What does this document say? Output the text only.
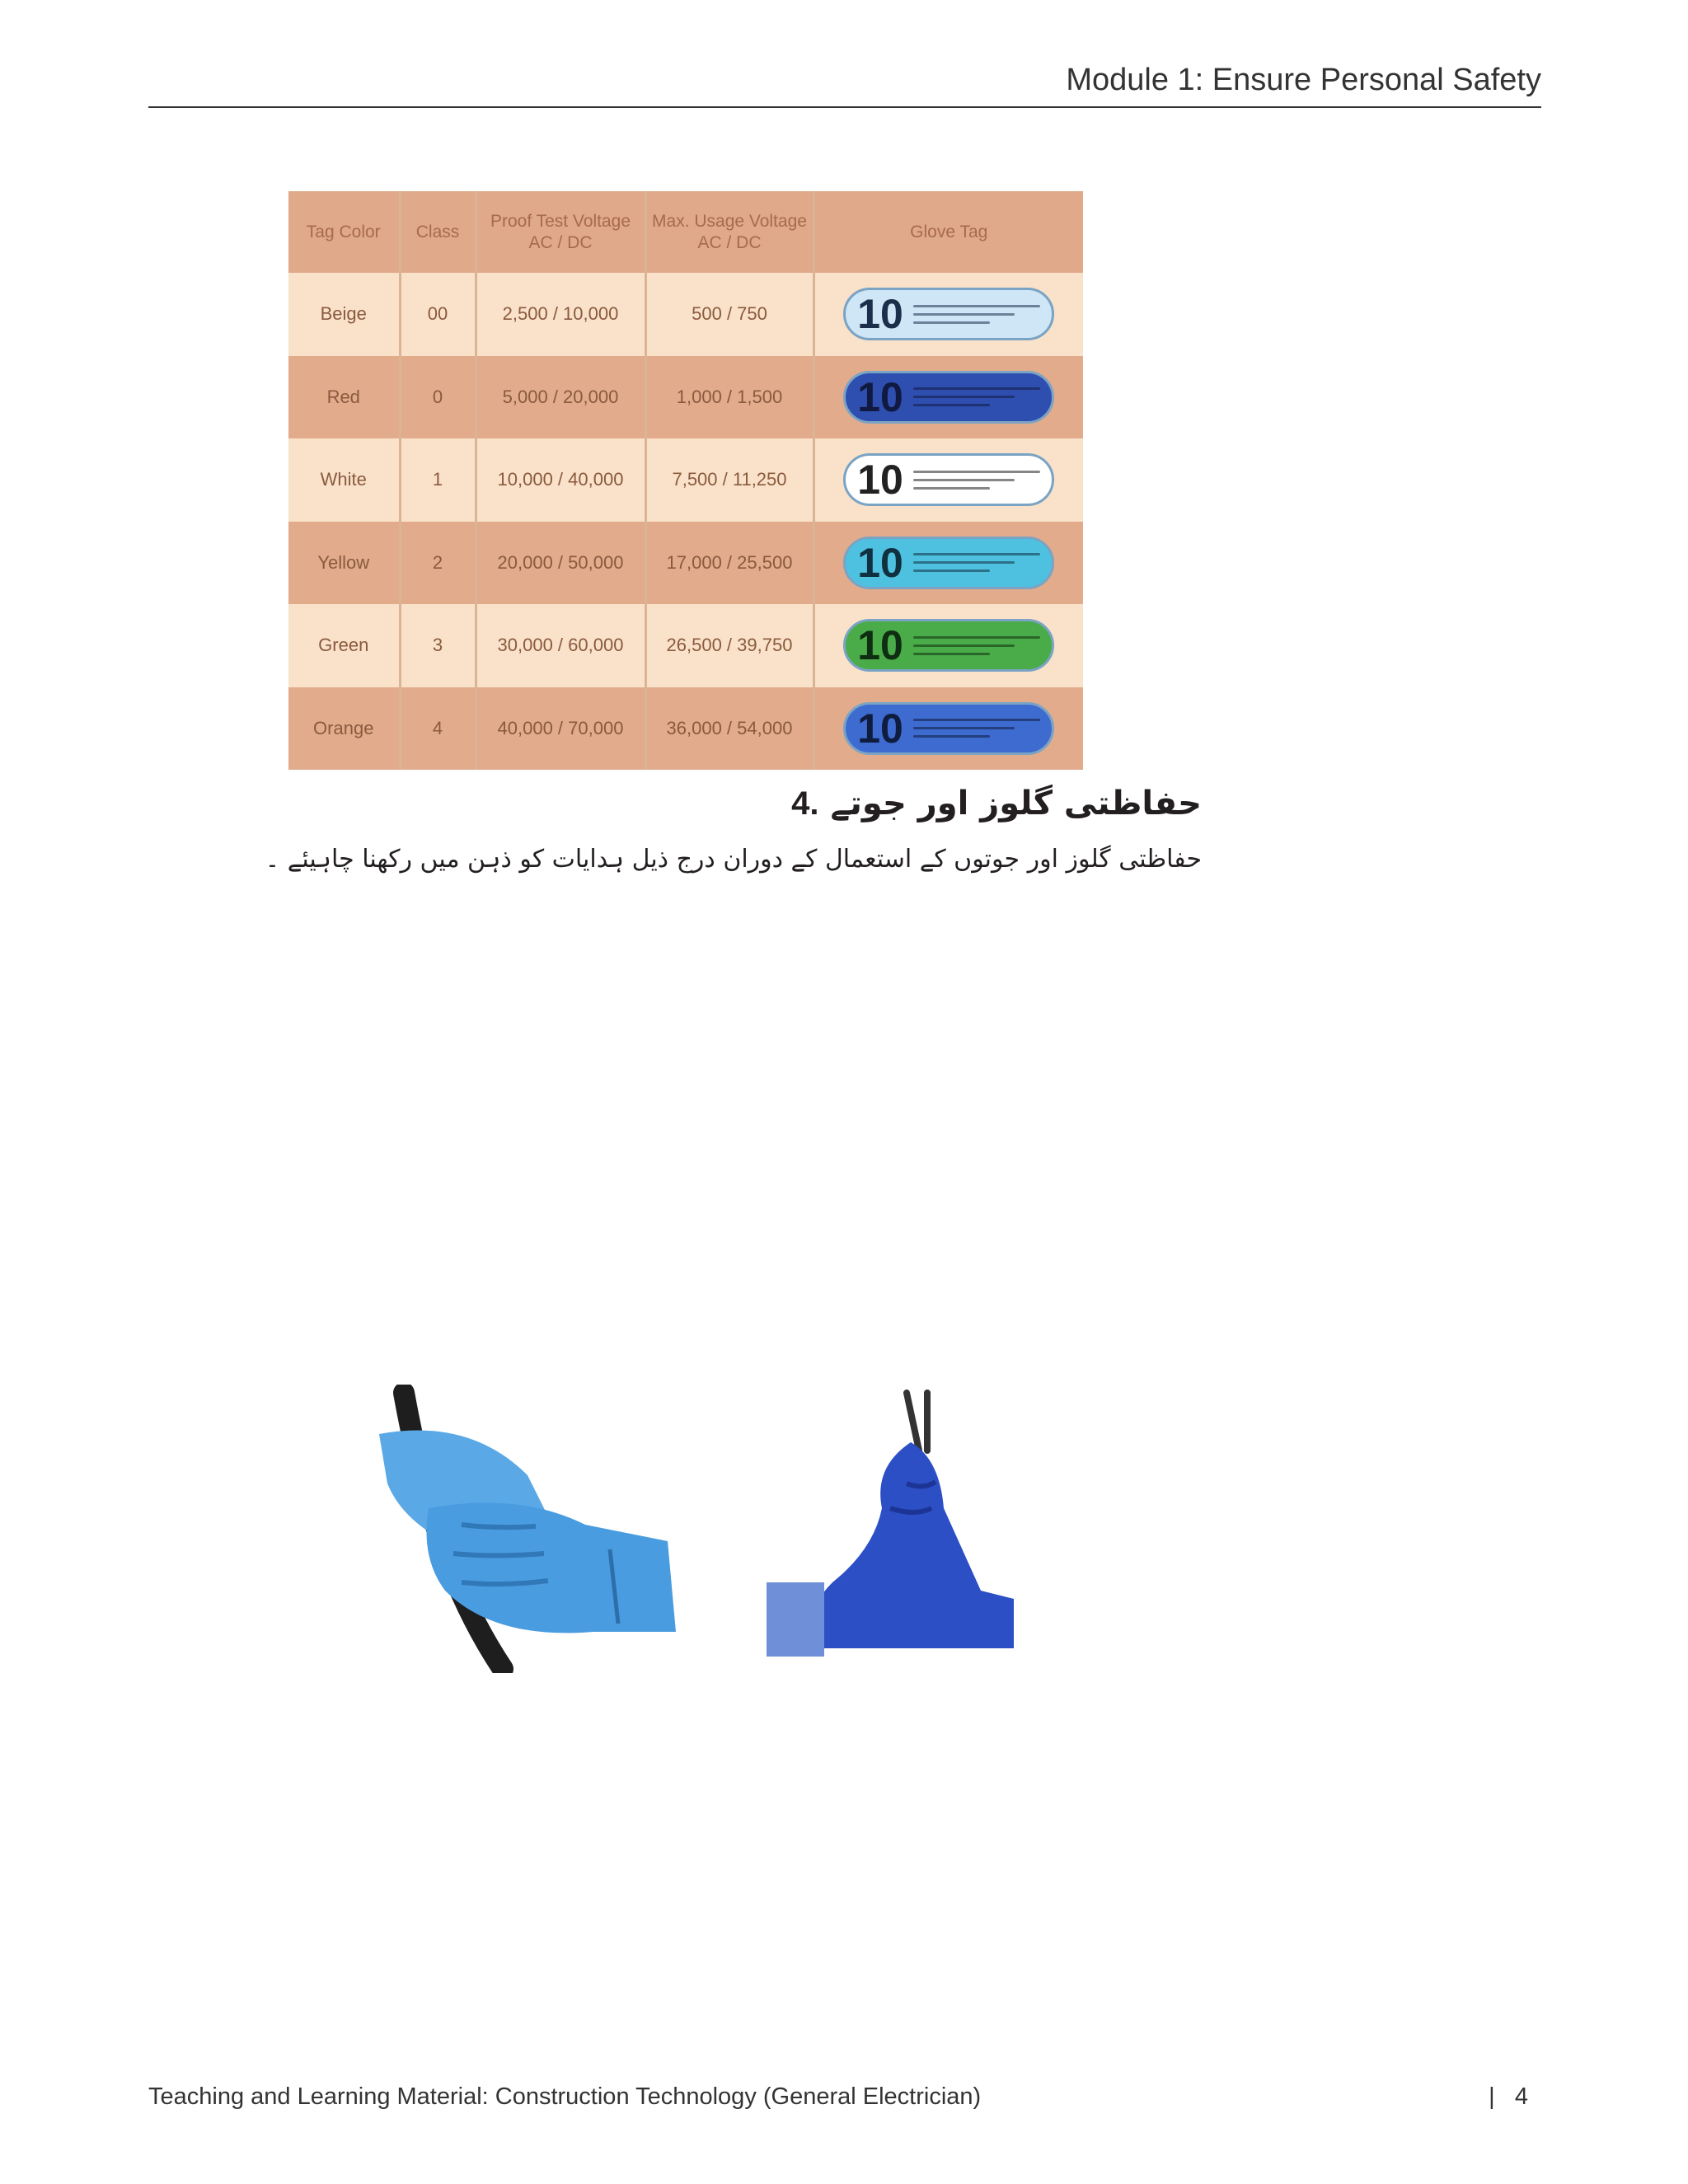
Module 1: Ensure Personal Safety
Tag Color	Class	Proof Test Voltage AC / DC	Max. Usage Voltage AC / DC	Glove Tag
Beige	00	2,500 / 10,000	500 / 750	10

Red	0	5,000 / 20,000	1,000 / 1,500	10

White	1	10,000 / 40,000	7,500 / 11,250	10

Yellow	2	20,000 / 50,000	17,000 / 25,500	10

Green	3	30,000 / 60,000	26,500 / 39,750	10

Orange	4	40,000 / 70,000	36,000 / 54,000	10
4. حفاظتی گلوز اور جوتے
حفاظتی گلوز اور جوتوں کے استعمال کے دوران درج ذیل ہدایات کو ذہن میں رکھنا چاہیئے ۔
Teaching and Learning Material: Construction Technology (General Electrician)	|   4
